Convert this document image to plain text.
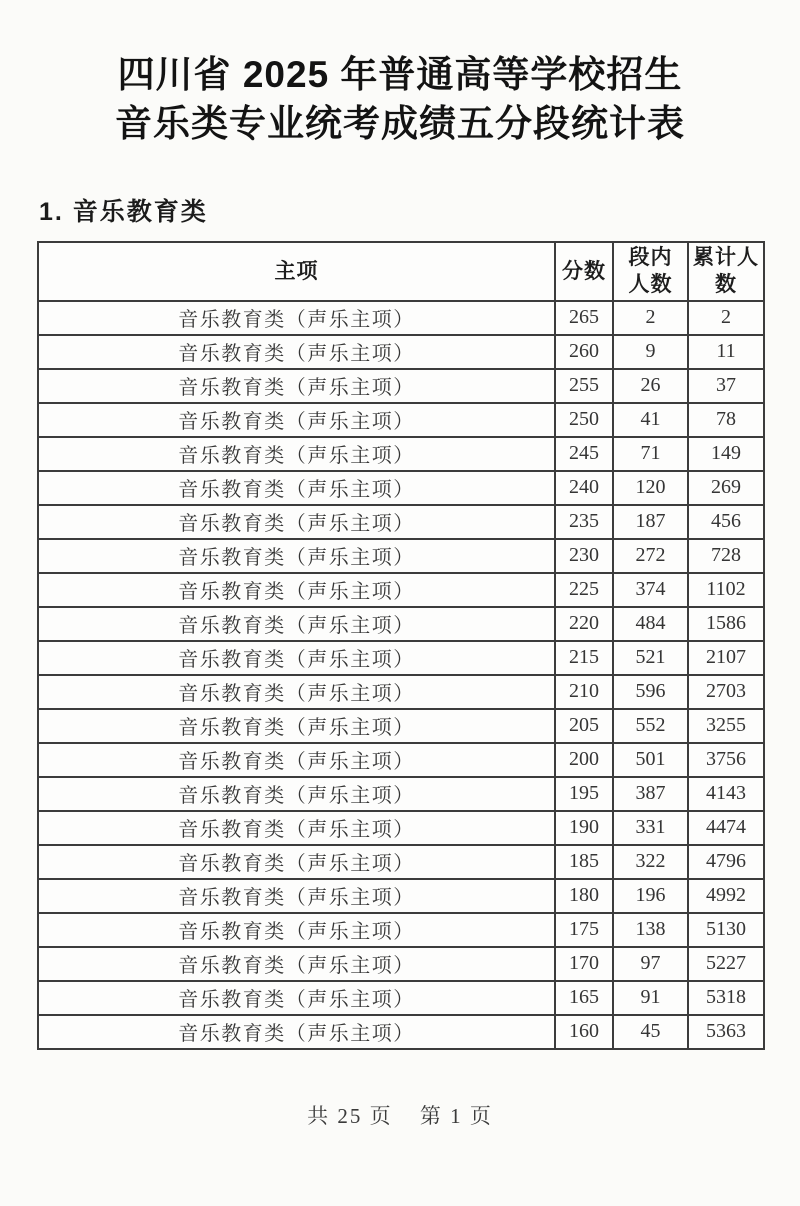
四川省 2025 年普通高等学校招生
音乐类专业统考成绩五分段统计表
1. 音乐教育类
主项	分数	段内人数	累计人数
音乐教育类（声乐主项）	265	2	2
音乐教育类（声乐主项）	260	9	11
音乐教育类（声乐主项）	255	26	37
音乐教育类（声乐主项）	250	41	78
音乐教育类（声乐主项）	245	71	149
音乐教育类（声乐主项）	240	120	269
音乐教育类（声乐主项）	235	187	456
音乐教育类（声乐主项）	230	272	728
音乐教育类（声乐主项）	225	374	1102
音乐教育类（声乐主项）	220	484	1586
音乐教育类（声乐主项）	215	521	2107
音乐教育类（声乐主项）	210	596	2703
音乐教育类（声乐主项）	205	552	3255
音乐教育类（声乐主项）	200	501	3756
音乐教育类（声乐主项）	195	387	4143
音乐教育类（声乐主项）	190	331	4474
音乐教育类（声乐主项）	185	322	4796
音乐教育类（声乐主项）	180	196	4992
音乐教育类（声乐主项）	175	138	5130
音乐教育类（声乐主项）	170	97	5227
音乐教育类（声乐主项）	165	91	5318
音乐教育类（声乐主项）	160	45	5363
共 25 页 第 1 页
